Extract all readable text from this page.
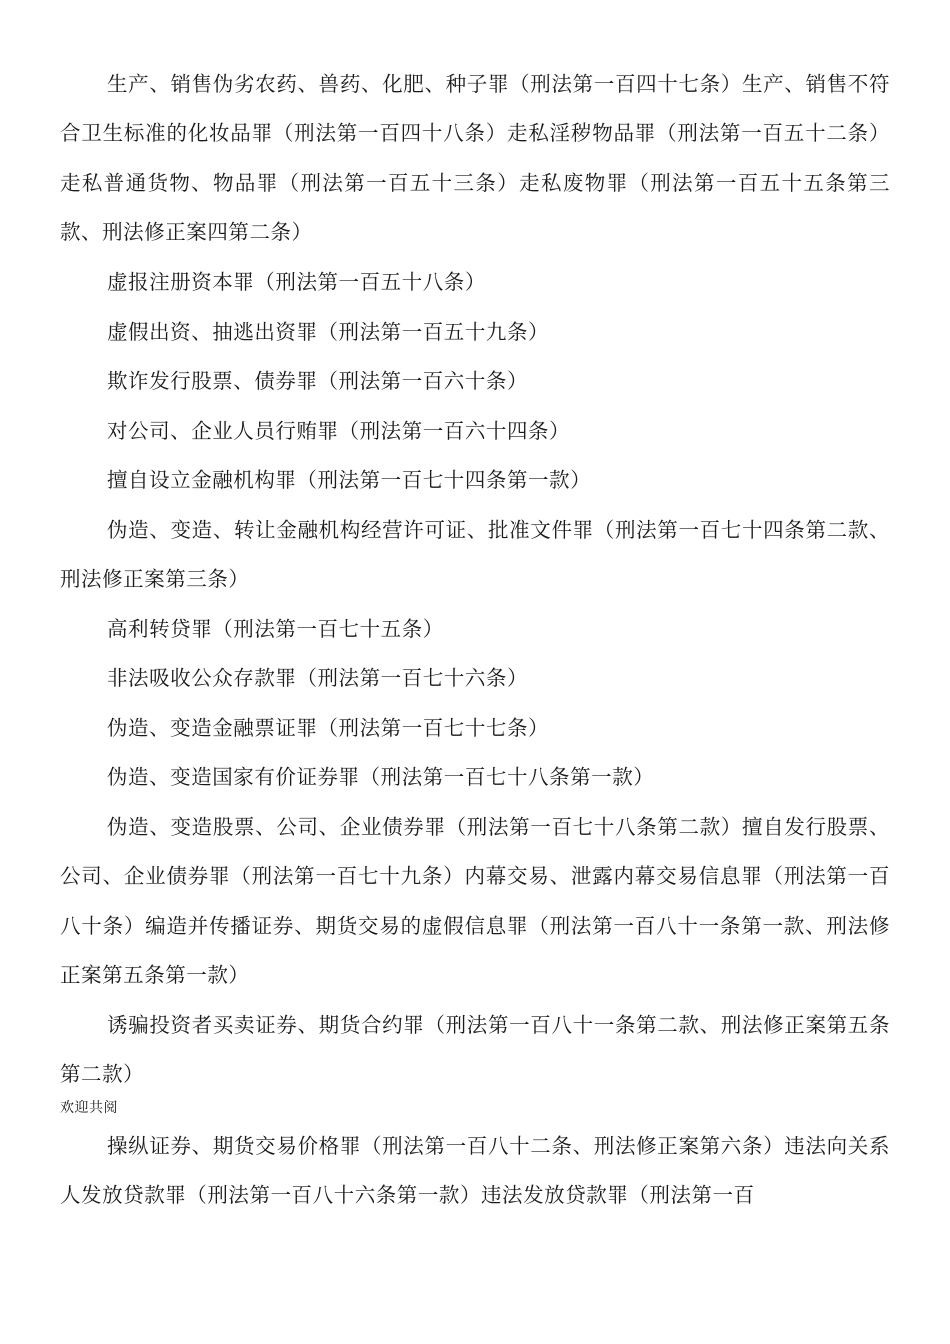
生产、销售伪劣农药、兽药、化肥、种子罪（刑法第一百四十七条）生产、销售不符合卫生标准的化妆品罪（刑法第一百四十八条）走私淫秽物品罪（刑法第一百五十二条）走私普通货物、物品罪（刑法第一百五十三条）走私废物罪（刑法第一百五十五条第三款、刑法修正案四第二条）

虚报注册资本罪（刑法第一百五十八条）

虚假出资、抽逃出资罪（刑法第一百五十九条）

欺诈发行股票、债券罪（刑法第一百六十条）

对公司、企业人员行贿罪（刑法第一百六十四条）

擅自设立金融机构罪（刑法第一百七十四条第一款）

伪造、变造、转让金融机构经营许可证、批准文件罪（刑法第一百七十四条第二款、刑法修正案第三条）

高利转贷罪（刑法第一百七十五条）

非法吸收公众存款罪（刑法第一百七十六条）

伪造、变造金融票证罪（刑法第一百七十七条）

伪造、变造国家有价证券罪（刑法第一百七十八条第一款）

伪造、变造股票、公司、企业债券罪（刑法第一百七十八条第二款）擅自发行股票、公司、企业债券罪（刑法第一百七十九条）内幕交易、泄露内幕交易信息罪（刑法第一百八十条）编造并传播证券、期货交易的虚假信息罪（刑法第一百八十一条第一款、刑法修正案第五条第一款）

诱骗投资者买卖证券、期货合约罪（刑法第一百八十一条第二款、刑法修正案第五条第二款）

欢迎共阅

操纵证券、期货交易价格罪（刑法第一百八十二条、刑法修正案第六条）违法向关系人发放贷款罪（刑法第一百八十六条第一款）违法发放贷款罪（刑法第一百
